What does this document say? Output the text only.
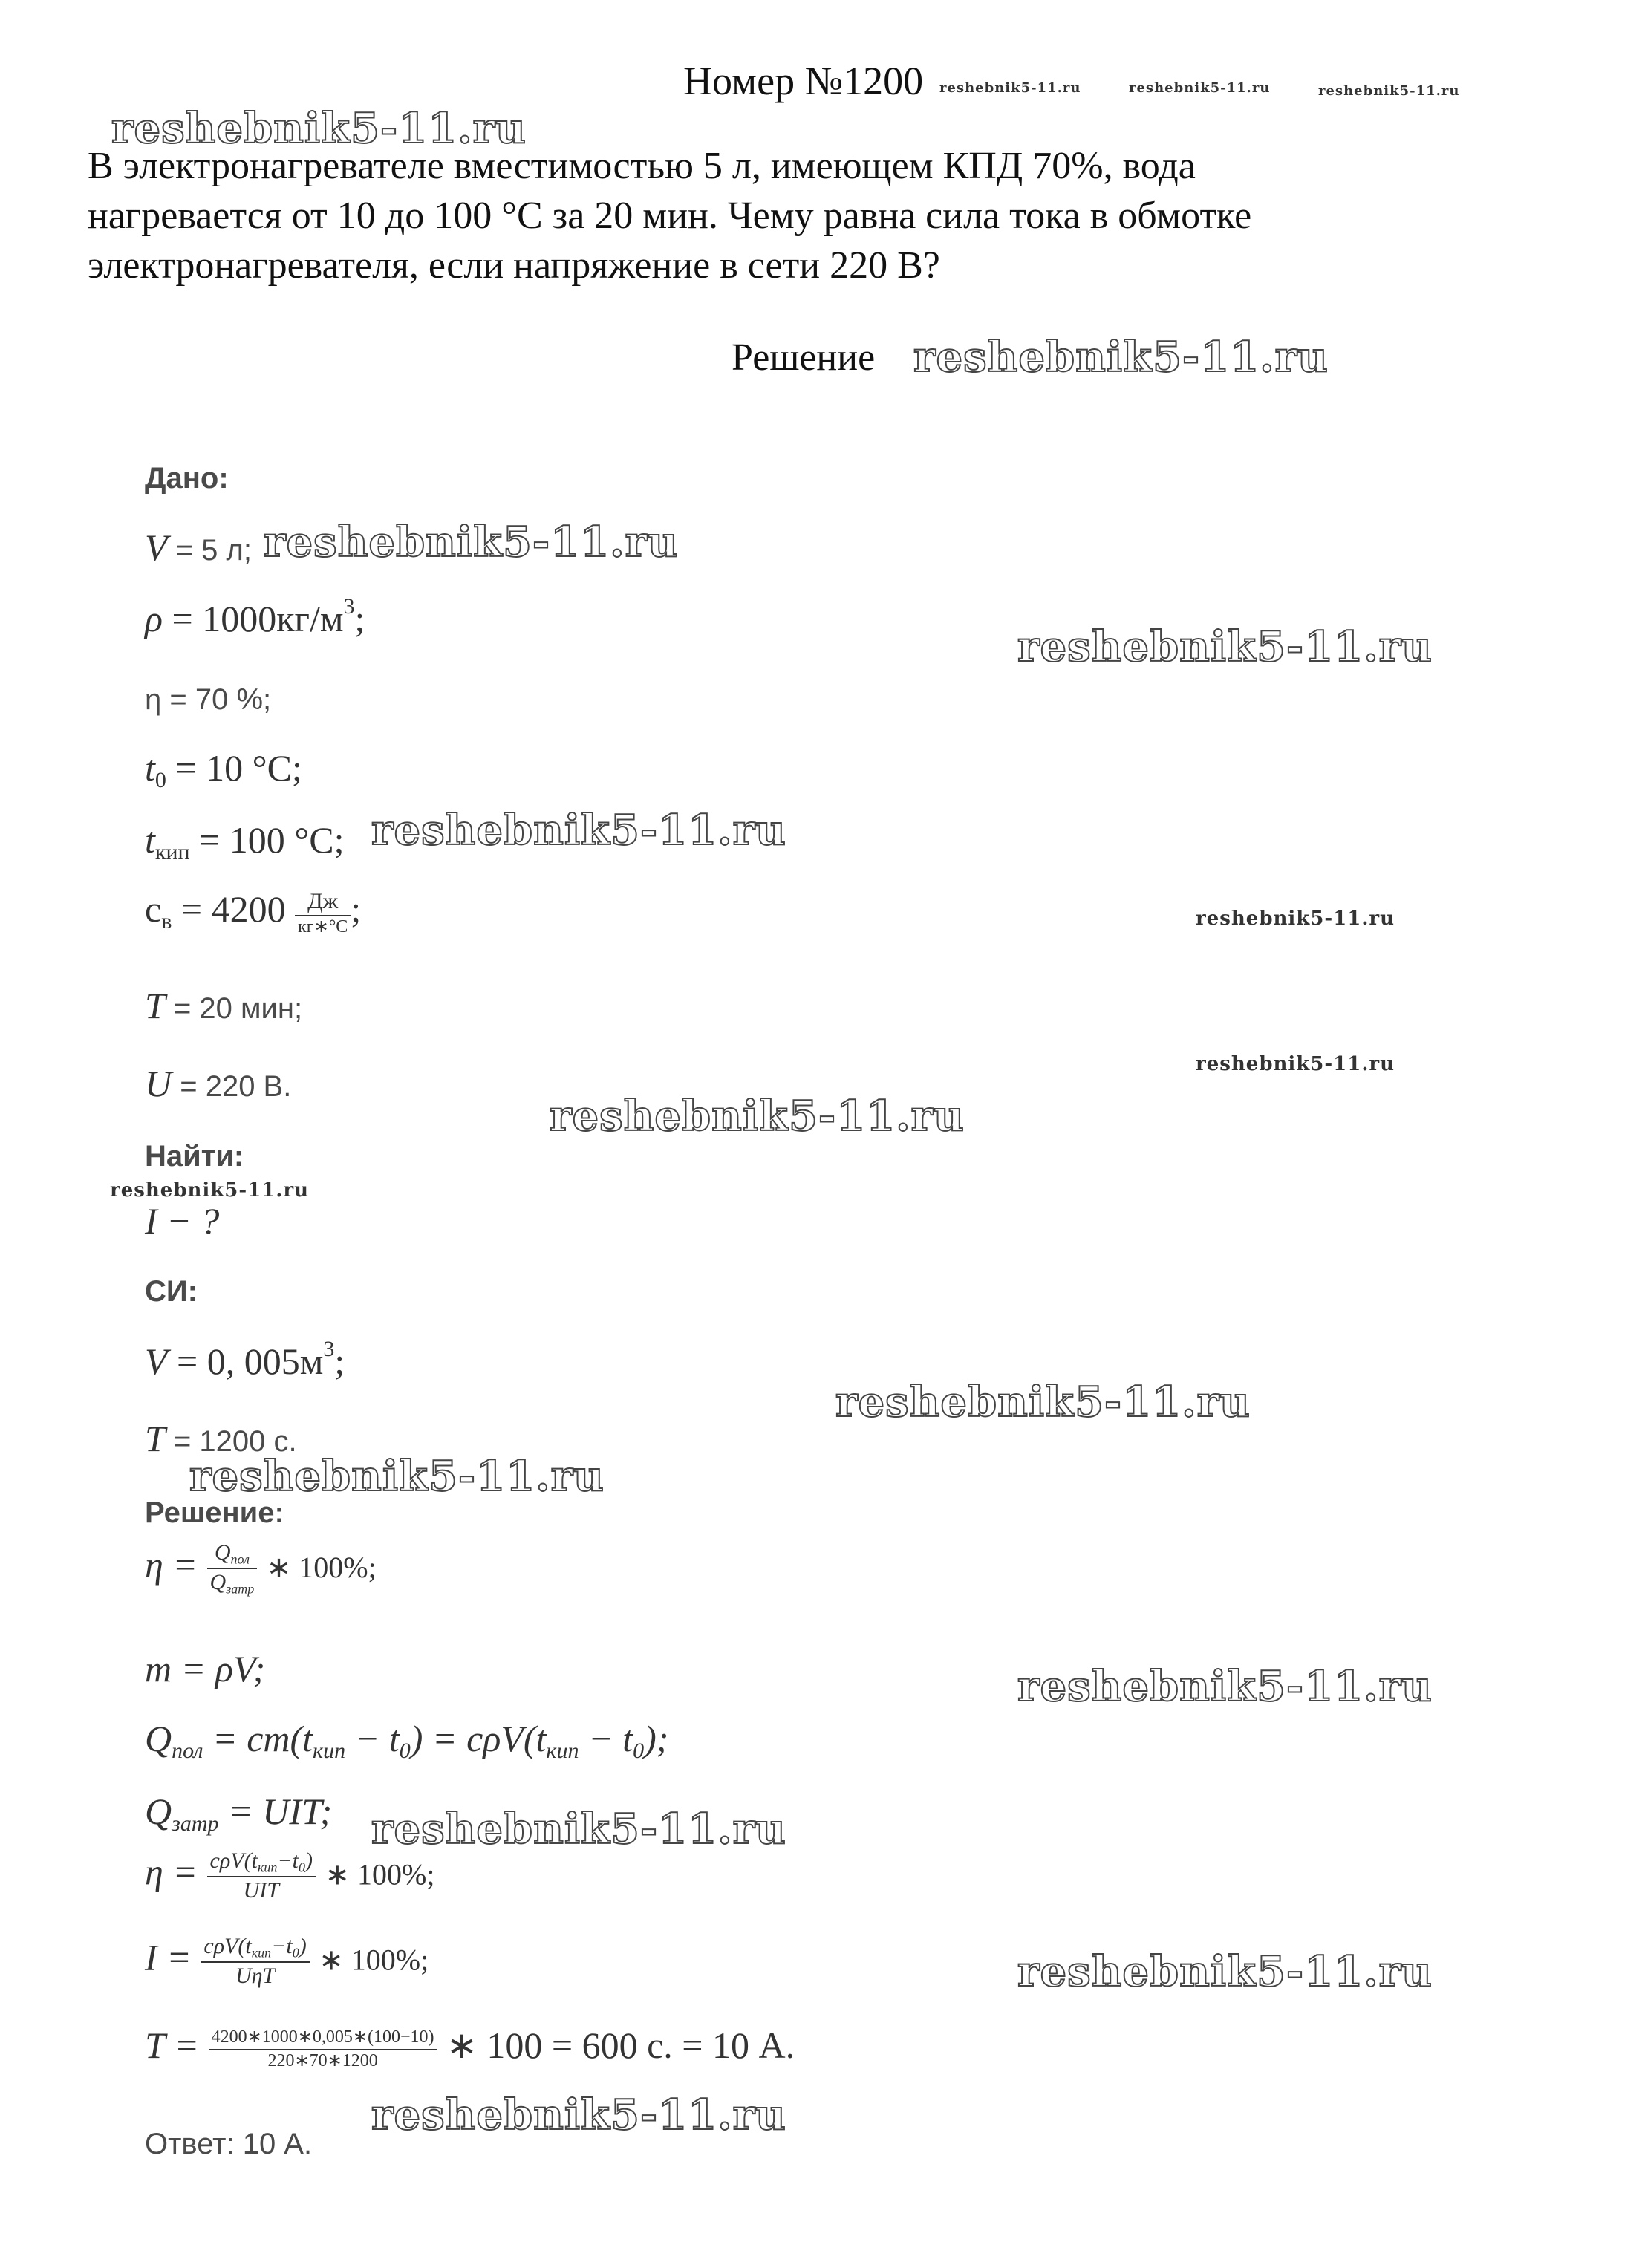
Номер №1200
В электронагревателе вместимостью 5 л, имеющем КПД 70%, вода
нагревается от 10 до 100 °С за 20 мин. Чему равна сила тока в обмотке
электронагревателя, если напряжение в сети 220 В?
Решение
Дано:
V = 5 л;
$\rho = 1000кг/м^3$;
η = 70 %;
$t_0 = 10$ °С;
$t_{кип} = 100$ °С;
$c_в = 4200 \frac{Дж}{кг∗^\circ С}$ ;
T = 20 мин;
U = 220 В.
Найти:
I − ?
СИ:
V = 0, $005м^3$;
T = 1200 с.
Решение:
$\eta = \frac{Q_{пол}}{Q_{затр}}$ ∗ 100%;
m = ρV;
$Q_{пол} = cm(t_{кип} - t_0) = c\rho V(t_{кип} - t_0)$;
$Q_{затр}$ = UIT;
$\eta = \frac{c\rho V(t_{кип}-t_0)}{\text{UIT}}$ ∗ 100%;
$I = \frac{c\rho V(t_{кип}-t_0)}{\text{UηT}}$ ∗ 100%;
$T = \frac{4200∗1000∗0,005∗(100-10)}{220∗70∗1200}$ ∗ 100 = 600 с. = 10 А.
Ответ: 10 А.
reshebnik5-11.ru
reshebnik5-11.ru	reshebnik5-11.ru	reshebnik5-11.ru
reshebnik5-11.ru
reshebnik5-11.ru
reshebnik5-11.ru
reshebnik5-11.ru
reshebnik5-11.ru
reshebnik5-11.ru
reshebnik5-11.ru
reshebnik5-11.ru
reshebnik5-11.ru
reshebnik5-11.ru
reshebnik5-11.ru
reshebnik5-11.ru
reshebnik5-11.ru
reshebnik5-11.ru
